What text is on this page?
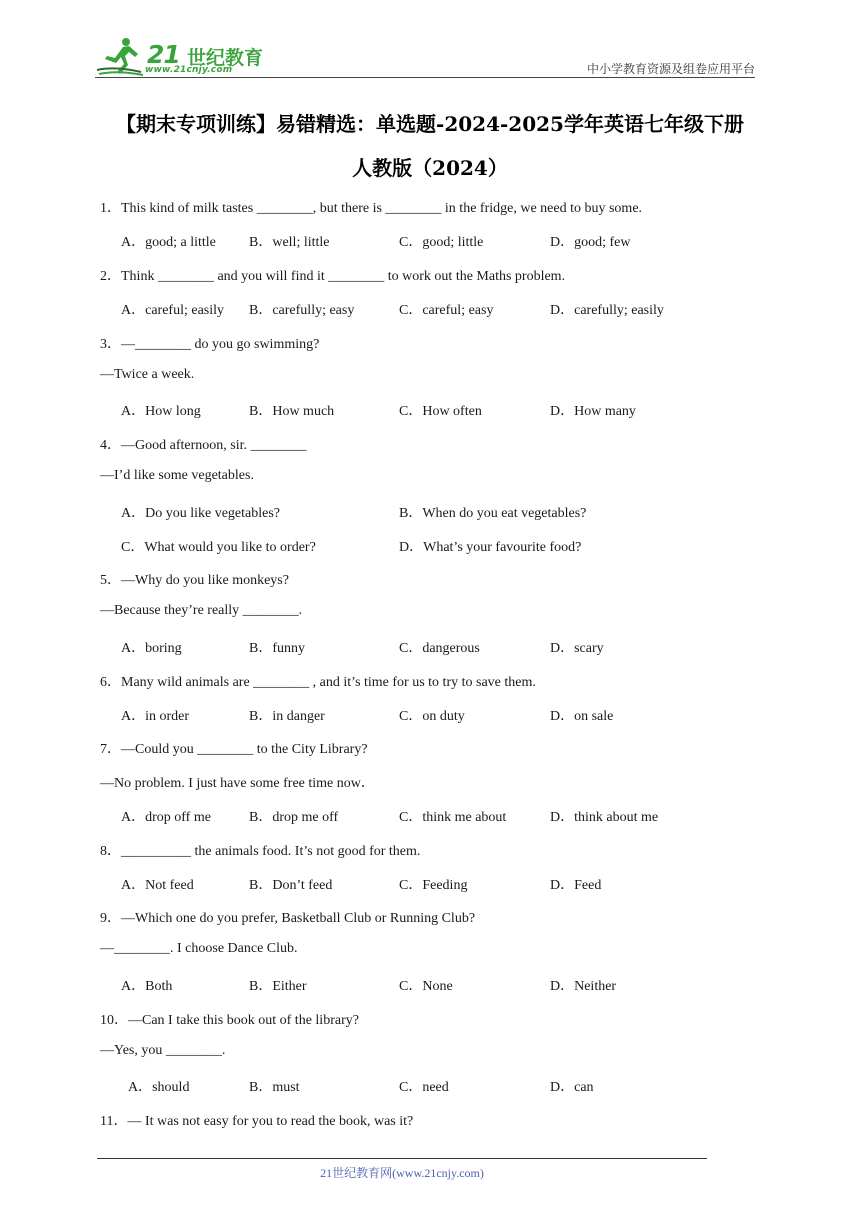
21 世纪教育
www.21cnjy.com	中小学教育资源及组卷应用平台
【期末专项训练】易错精选：单选题-2024-2025学年英语七年级下册
人教版（2024）
1．This kind of milk tastes ________, but there is ________ in the fridge, we need to buy some.
A．good; a little B．well; little	C．good; little	D．good; few
2．Think ________ and you will find it ________ to work out the Maths problem.
A．careful; easily B．carefully; easy	C．careful; easy	D．carefully; easily
3．—________ do you go swimming?
—Twice a week.
A．How long	B．How much	C．How often	D．How many
4．—Good afternoon, sir. ________
—I’d like some vegetables.
A．Do you like vegetables?	B．When do you eat vegetables?
C．What would you like to order?	D．What’s your favourite food?
5．—Why do you like monkeys?
—Because they’re really ________.
A．boring	B．funny	C．dangerous	D．scary
6．Many wild animals are ________ , and it’s time for us to try to save them.
A．in order	B．in danger	C．on duty	D．on sale
7．—Could you ________ to the City Library?
—No problem. I just have some free time now．
A．drop off me	B．drop me off	C．think me about	D．think about me
8．__________ the animals food. It’s not good for them.
A．Not feed	B．Don’t feed	C．Feeding	D．Feed
9．—Which one do you prefer, Basketball Club or Running Club?
—________. I choose Dance Club.
A．Both	B．Either	C．None	D．Neither
10．—Can I take this book out of the library?
—Yes, you ________.
A．should	B．must	C．need	D．can
11．— It was not easy for you to read the book, was it?
21世纪教育网(www.21cnjy.com)
